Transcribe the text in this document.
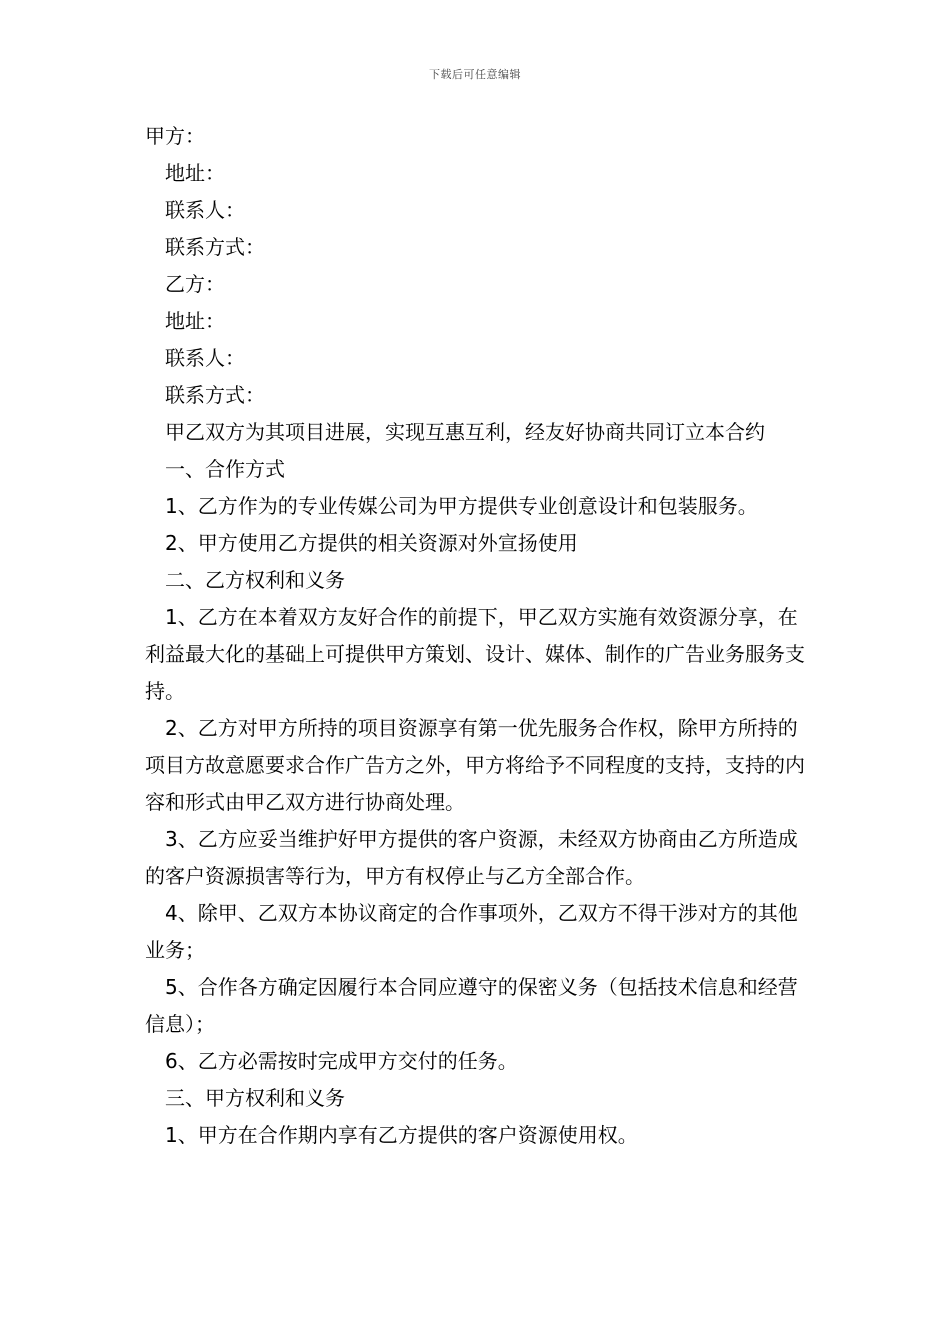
下载后可任意编辑

甲方：

地址：

联系人：

联系方式：

乙方：

地址：

联系人：

联系方式：

甲乙双方为其项目进展，实现互惠互利，经友好协商共同订立本合约

一、合作方式

1、乙方作为的专业传媒公司为甲方提供专业创意设计和包装服务。

2、甲方使用乙方提供的相关资源对外宣扬使用

二、乙方权利和义务

1、乙方在本着双方友好合作的前提下，甲乙双方实施有效资源分享，在利益最大化的基础上可提供甲方策划、设计、媒体、制作的广告业务服务支持。

2、乙方对甲方所持的项目资源享有第一优先服务合作权，除甲方所持的项目方故意愿要求合作广告方之外，甲方将给予不同程度的支持，支持的内容和形式由甲乙双方进行协商处理。

3、乙方应妥当维护好甲方提供的客户资源，未经双方协商由乙方所造成的客户资源损害等行为，甲方有权停止与乙方全部合作。

4、除甲、乙双方本协议商定的合作事项外，乙双方不得干涉对方的其他业务；

5、合作各方确定因履行本合同应遵守的保密义务（包括技术信息和经营信息）；

6、乙方必需按时完成甲方交付的任务。

三、甲方权利和义务

1、甲方在合作期内享有乙方提供的客户资源使用权。
